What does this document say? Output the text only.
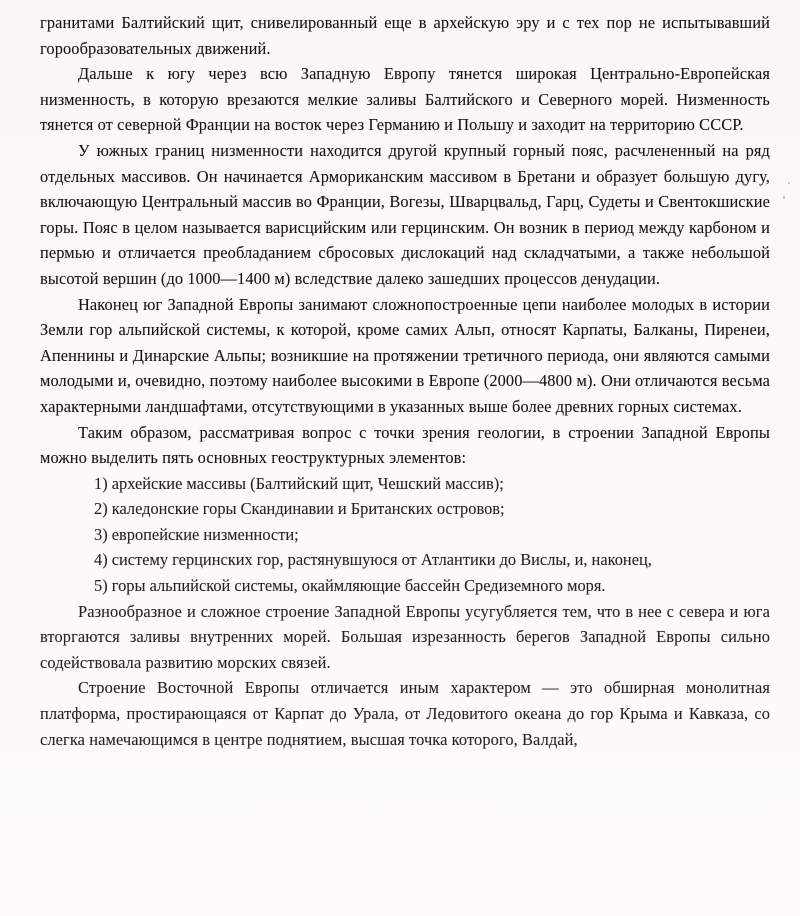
гранитами Балтийский щит, снивелированный еще в архейскую эру и с тех пор не испытывавший горообразовательных движений.

Дальше к югу через всю Западную Европу тянется широкая Центрально-Европейская низменность, в которую врезаются мелкие заливы Балтийского и Северного морей. Низменность тянется от северной Франции на восток через Германию и Польшу и заходит на территорию СССР.

У южных границ низменности находится другой крупный горный пояс, расчлененный на ряд отдельных массивов. Он начинается Армориканским массивом в Бретани и образует большую дугу, включающую Центральный массив во Франции, Вогезы, Шварцвальд, Гарц, Судеты и Свентокшиские горы. Пояс в целом называется варисцийским или герцинским. Он возник в период между карбоном и пермью и отличается преобладанием сбросовых дислокаций над складчатыми, а также небольшой высотой вершин (до 1000—1400 м) вследствие далеко зашедших процессов денудации.

Наконец юг Западной Европы занимают сложнопостроенные цепи наиболее молодых в истории Земли гор альпийской системы, к которой, кроме самих Альп, относят Карпаты, Балканы, Пиренеи, Апеннины и Динарские Альпы; возникшие на протяжении третичного периода, они являются самыми молодыми и, очевидно, поэтому наиболее высокими в Европе (2000—4800 м). Они отличаются весьма характерными ландшафтами, отсутствующими в указанных выше более древних горных системах.

Таким образом, рассматривая вопрос с точки зрения геологии, в строении Западной Европы можно выделить пять основных геоструктурных элементов:

1) архейские массивы (Балтийский щит, Чешский массив);
2) каледонские горы Скандинавии и Британских островов;
3) европейские низменности;
4) систему герцинских гор, растянувшуюся от Атлантики до Вислы, и, наконец,
5) горы альпийской системы, окаймляющие бассейн Средиземного моря.

Разнообразное и сложное строение Западной Европы усугубляется тем, что в нее с севера и юга вторгаются заливы внутренних морей. Большая изрезанность берегов Западной Европы сильно содействовала развитию морских связей.

Строение Восточной Европы отличается иным характером — это обширная монолитная платформа, простирающаяся от Карпат до Урала, от Ледовитого океана до гор Крыма и Кавказа, со слегка намечающимся в центре поднятием, высшая точка которого, Валдай,
